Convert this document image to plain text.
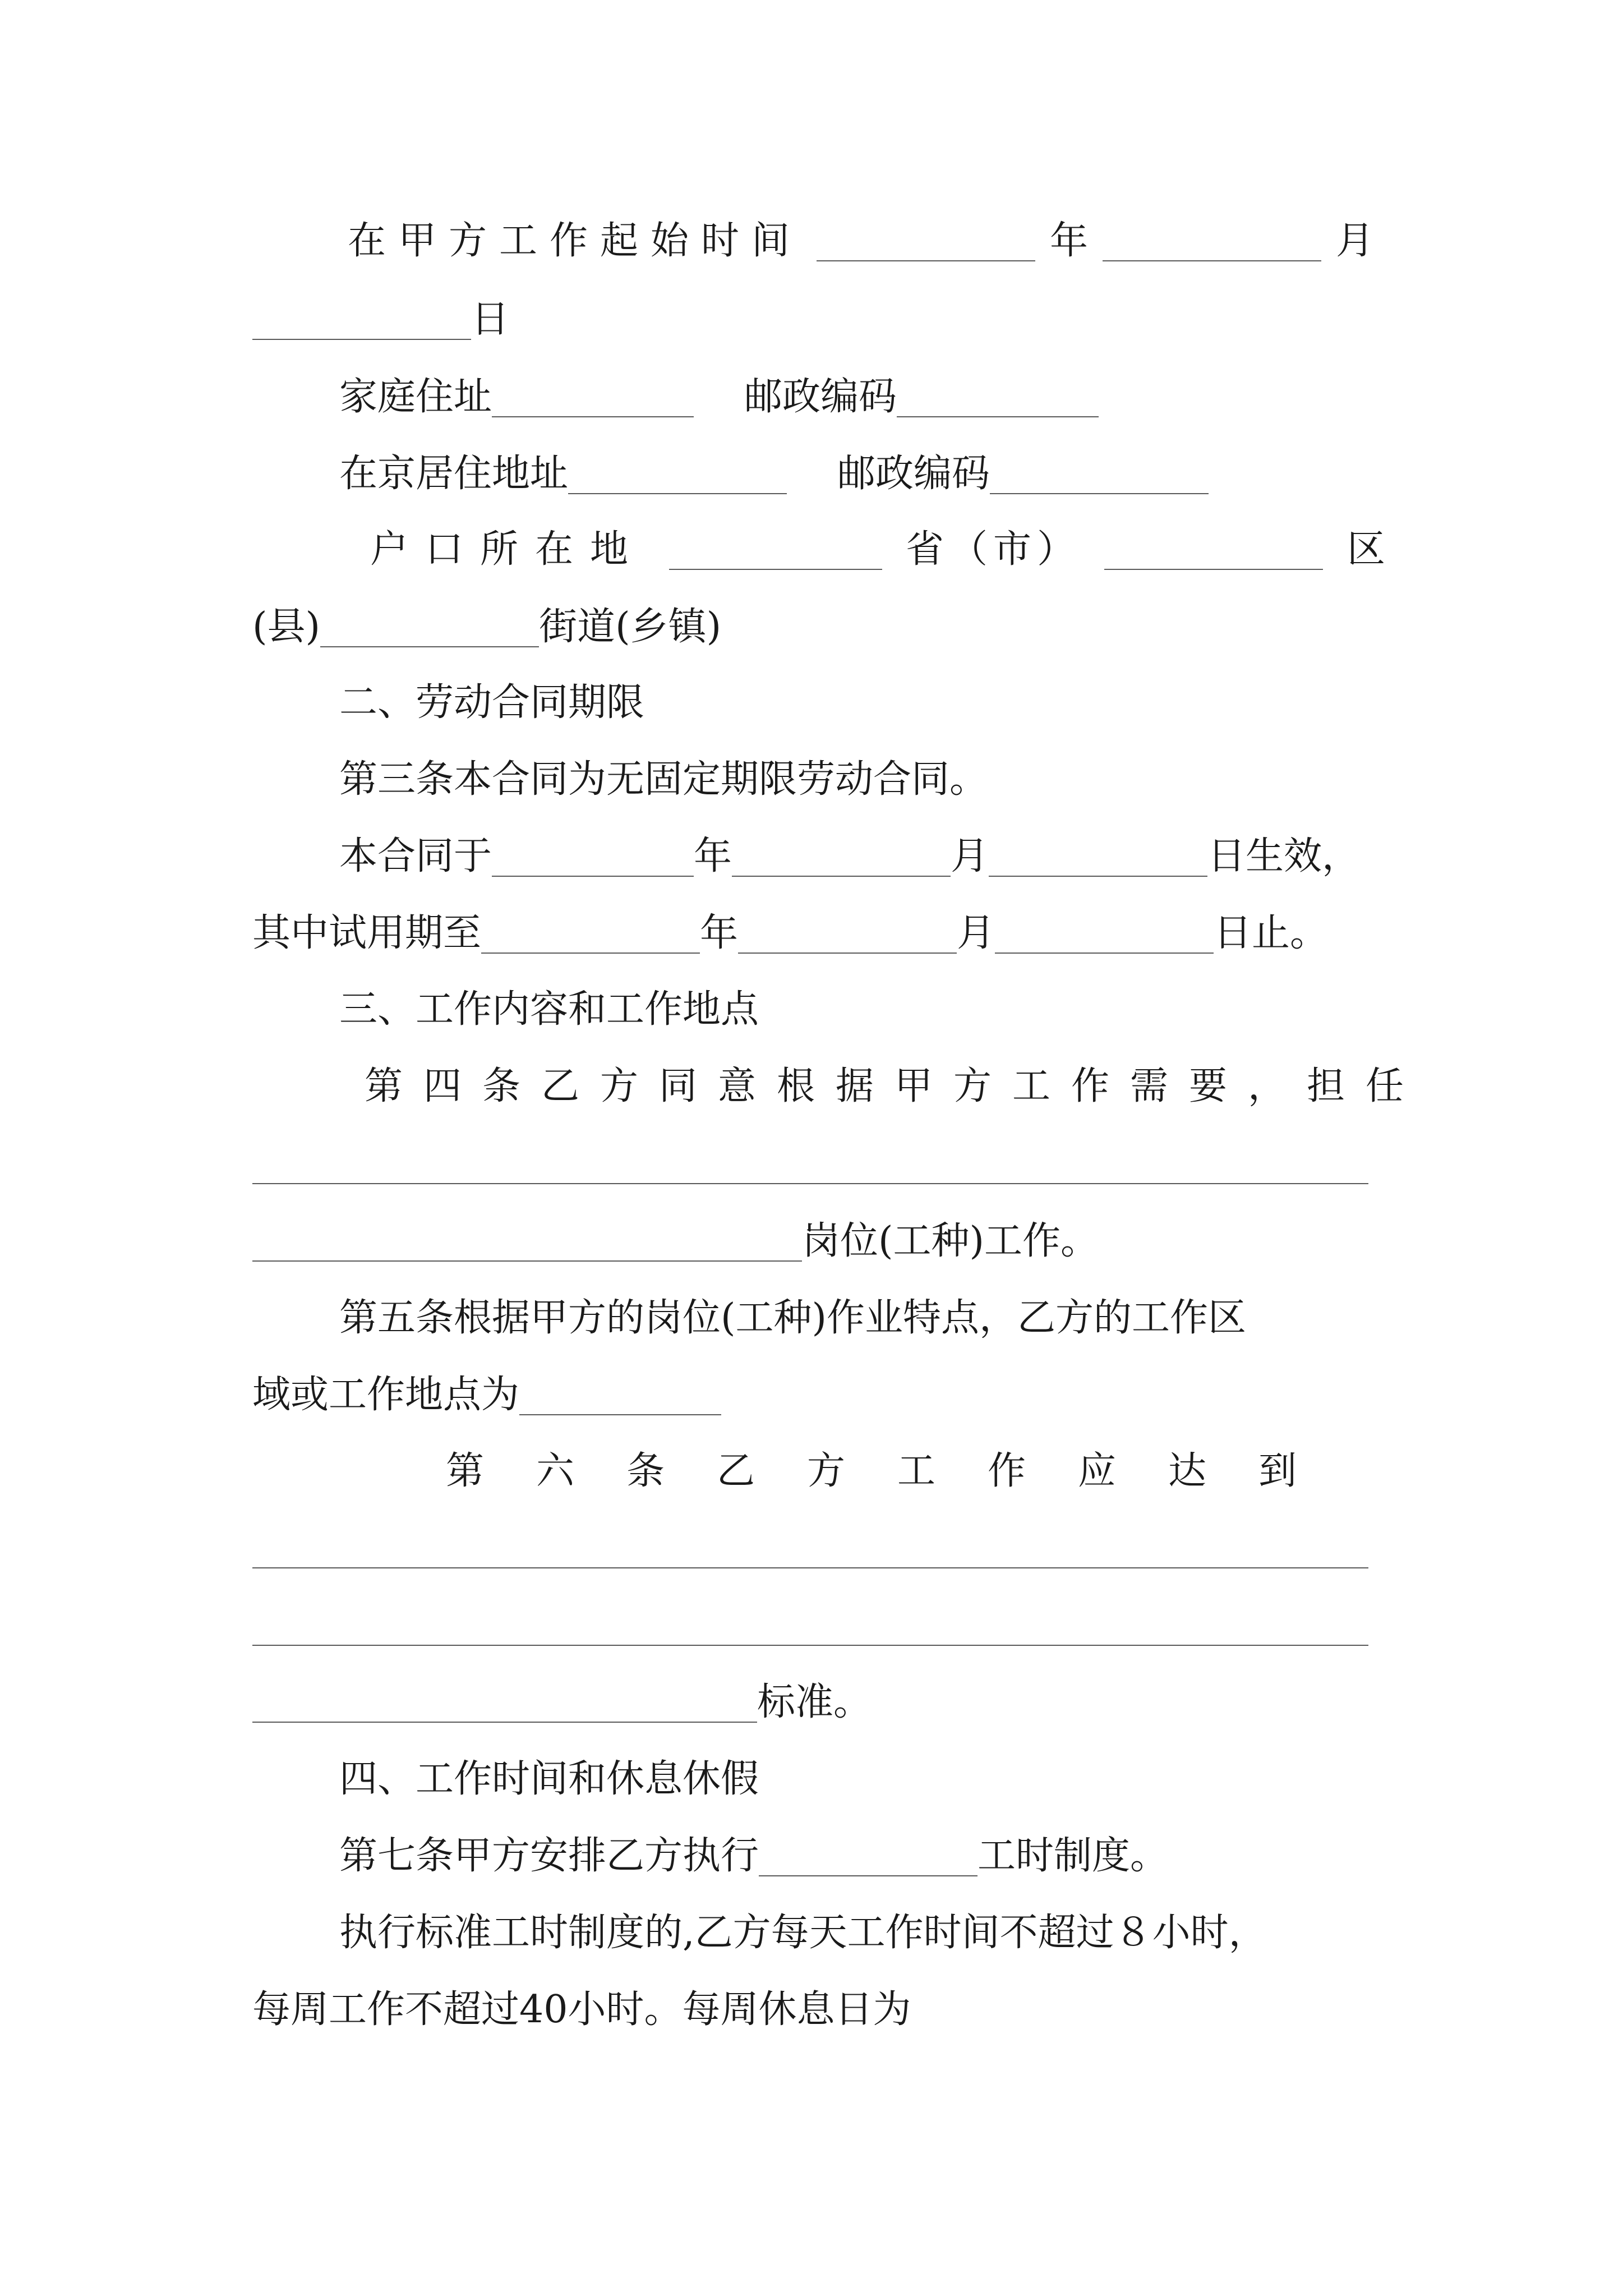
在甲方工作起始时间	年	月
日
家庭住址	邮政编码
在京居住地址	邮政编码
户口所在地	省（市）	区
(县)	街道(乡镇)
二、劳动合同期限
第三条本合同为无固定期限劳动合同。
本合同于	年	月	日生效，
其中试用期至	年	月	日止。
三、工作内容和工作地点
第四条乙方同意根据甲方工作需要，担任
岗位(工种)工作。
第五条根据甲方的岗位(工种)作业特点，乙方的工作区
域或工作地点为
第六条乙方工作应达到
标准。
四、工作时间和休息休假
第七条甲方安排乙方执行	工时制度。
执行标准工时制度的,乙方每天工作时间不超过８小时，
每周工作不超过40小时。每周休息日为
